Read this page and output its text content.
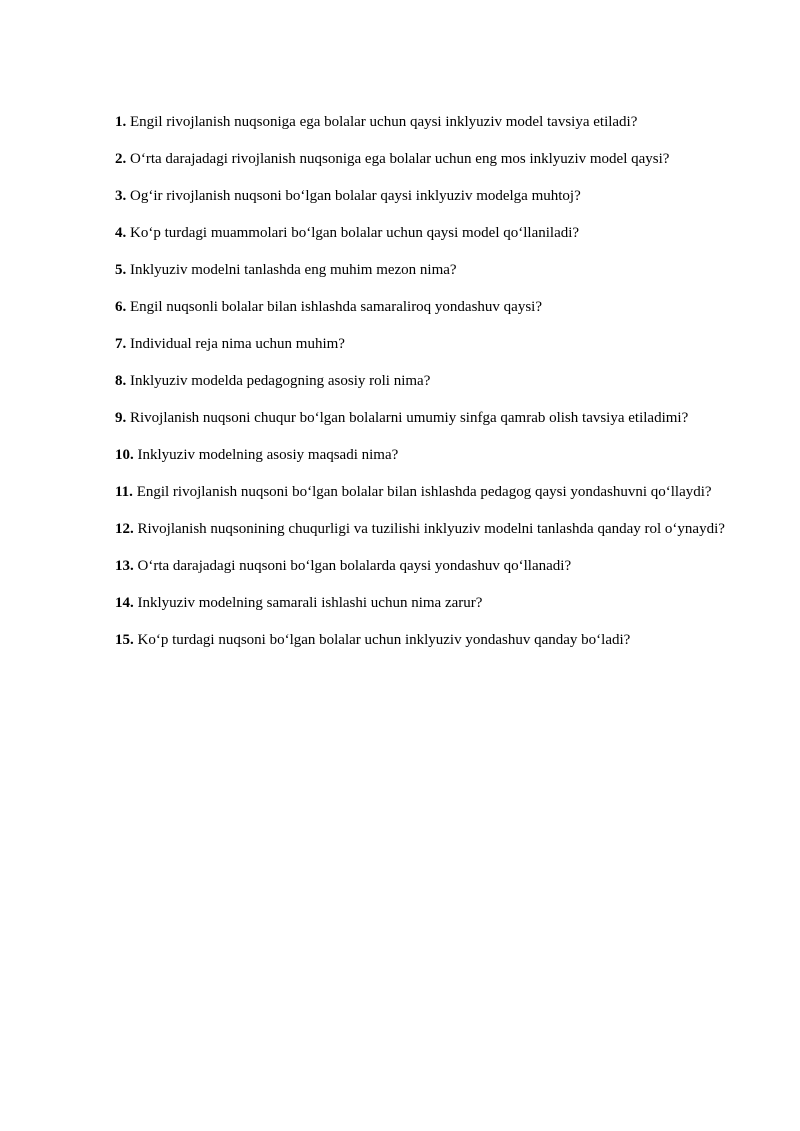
1. Engil rivojlanish nuqsoniga ega bolalar uchun qaysi inklyuziv model tavsiya etiladi?
2. O‘rta darajadagi rivojlanish nuqsoniga ega bolalar uchun eng mos inklyuziv model qaysi?
3. Og‘ir rivojlanish nuqsoni bo‘lgan bolalar qaysi inklyuziv modelga muhtoj?
4. Ko‘p turdagi muammolari bo‘lgan bolalar uchun qaysi model qo‘llaniladi?
5. Inklyuziv modelni tanlashda eng muhim mezon nima?
6. Engil nuqsonli bolalar bilan ishlashda samaraliroq yondashuv qaysi?
7. Individual reja nima uchun muhim?
8. Inklyuziv modelda pedagogning asosiy roli nima?
9. Rivojlanish nuqsoni chuqur bo‘lgan bolalarni umumiy sinfga qamrab olish tavsiya etiladimi?
10. Inklyuziv modelning asosiy maqsadi nima?
11. Engil rivojlanish nuqsoni bo‘lgan bolalar bilan ishlashda pedagog qaysi yondashuvni qo‘llaydi?
12. Rivojlanish nuqsonining chuqurligi va tuzilishi inklyuziv modelni tanlashda qanday rol o‘ynaydi?
13. O‘rta darajadagi nuqsoni bo‘lgan bolalarda qaysi yondashuv qo‘llanadi?
14. Inklyuziv modelning samarali ishlashi uchun nima zarur?
15. Ko‘p turdagi nuqsoni bo‘lgan bolalar uchun inklyuziv yondashuv qanday bo‘ladi?
